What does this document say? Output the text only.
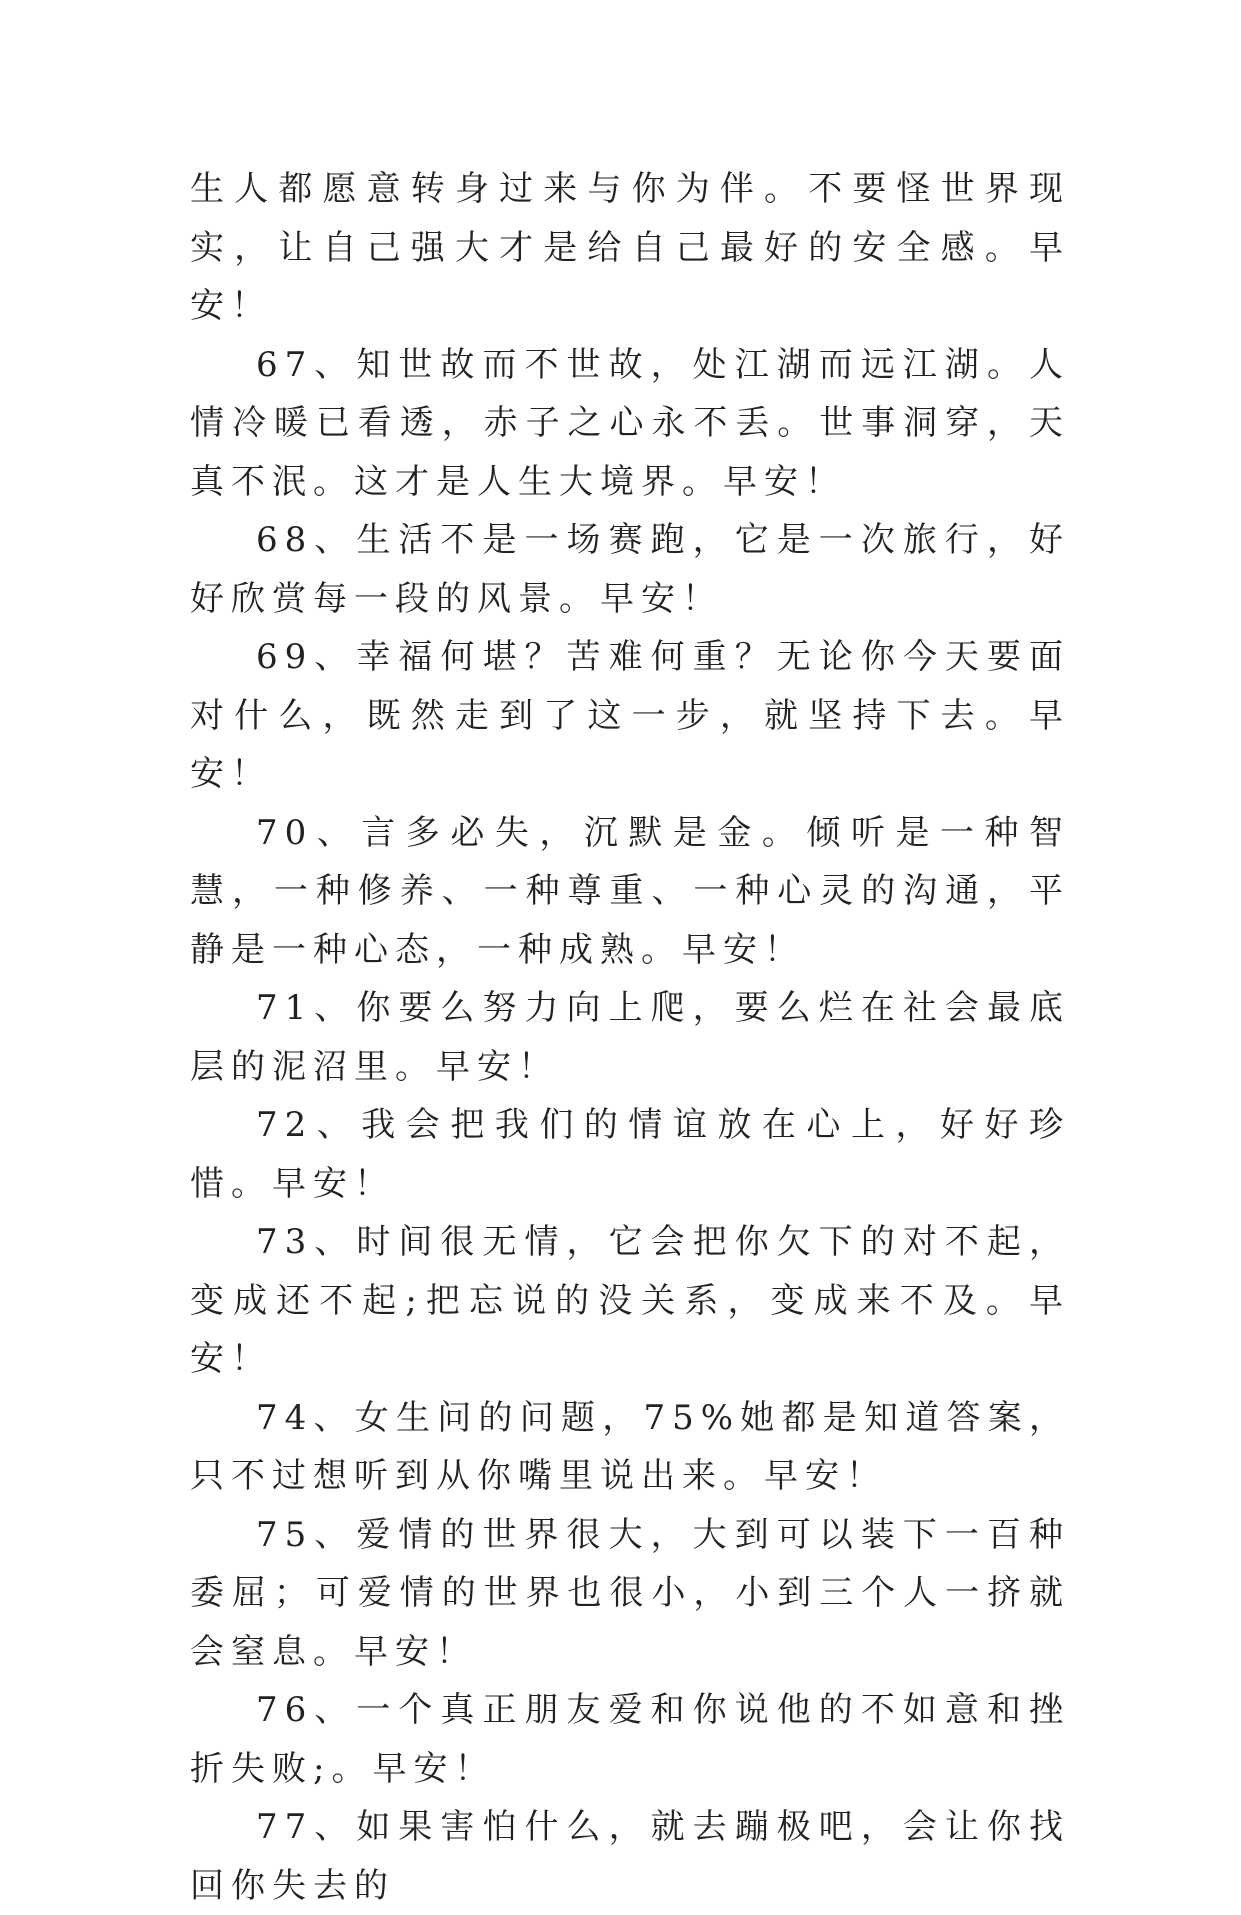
生人都愿意转身过来与你为伴。不要怪世界现实，让自己强大才是给自己最好的安全感。早安！

67、知世故而不世故，处江湖而远江湖。人情冷暖已看透，赤子之心永不丢。世事洞穿，天真不泯。这才是人生大境界。早安！

68、生活不是一场赛跑，它是一次旅行，好好欣赏每一段的风景。早安！

69、幸福何堪？苦难何重？无论你今天要面对什么，既然走到了这一步，就坚持下去。早安！

70、言多必失，沉默是金。倾听是一种智慧，一种修养、一种尊重、一种心灵的沟通，平静是一种心态，一种成熟。早安！

71、你要么努力向上爬，要么烂在社会最底层的泥沼里。早安！

72、我会把我们的情谊放在心上，好好珍惜。早安！

73、时间很无情，它会把你欠下的对不起，变成还不起;把忘说的没关系，变成来不及。早安！

74、女生问的问题，75%她都是知道答案，只不过想听到从你嘴里说出来。早安！

75、爱情的世界很大，大到可以装下一百种委屈；可爱情的世界也很小，小到三个人一挤就会窒息。早安！

76、一个真正朋友爱和你说他的不如意和挫折失败;。早安！

77、如果害怕什么，就去蹦极吧，会让你找回你失去的
